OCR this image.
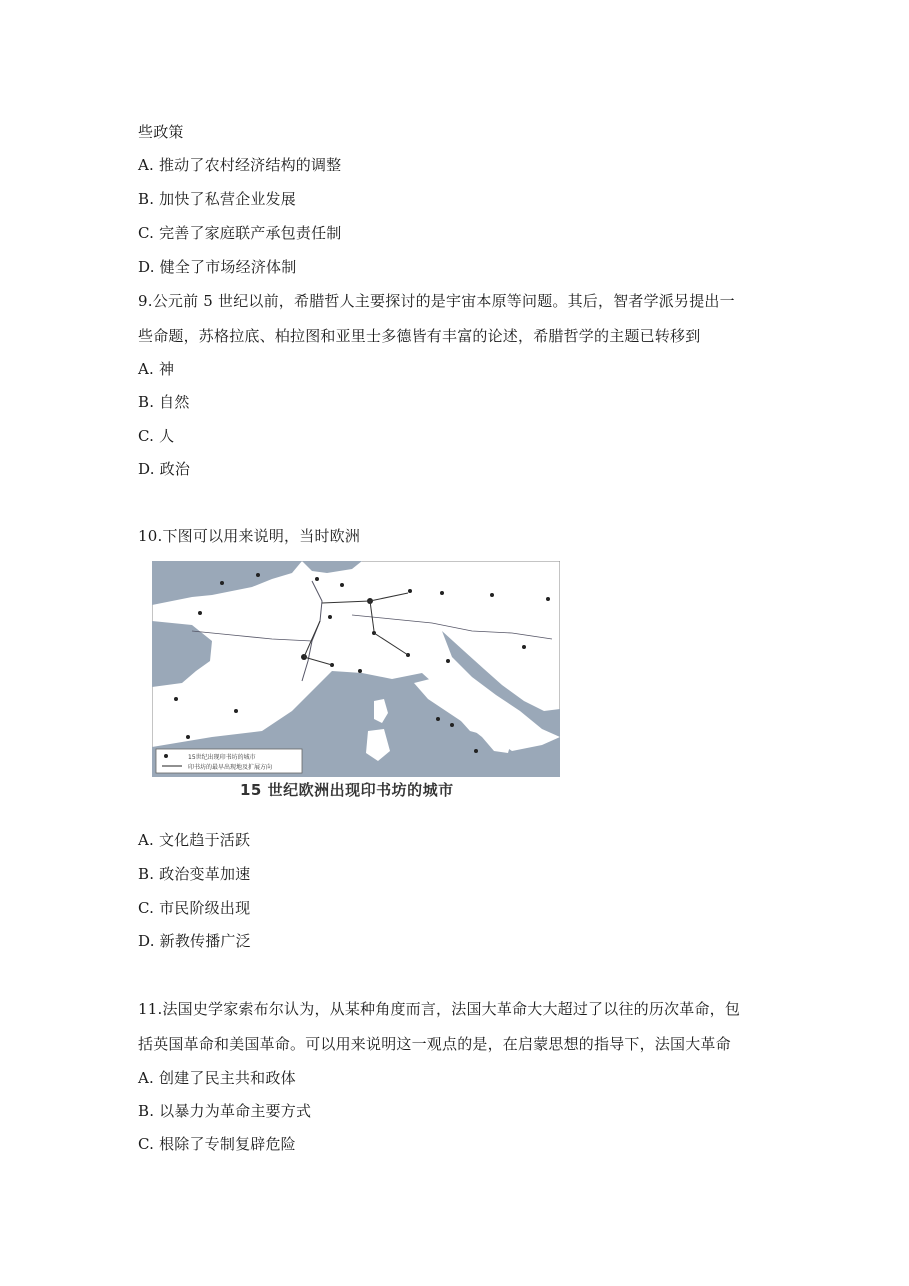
些政策
A. 推动了农村经济结构的调整
B. 加快了私营企业发展
C. 完善了家庭联产承包责任制
D. 健全了市场经济体制
9.公元前 5 世纪以前，希腊哲人主要探讨的是宇宙本原等问题。其后，智者学派另提出一
些命题，苏格拉底、柏拉图和亚里士多德皆有丰富的论述，希腊哲学的主题已转移到
A. 神
B. 自然
C. 人
D. 政治
10.下图可以用来说明，当时欧洲
15世纪出现印书坊的城市
印书坊的最早出现地及扩展方向
15 世纪欧洲出现印书坊的城市
A. 文化趋于活跃
B. 政治变革加速
C. 市民阶级出现
D. 新教传播广泛
11.法国史学家索布尔认为，从某种角度而言，法国大革命大大超过了以往的历次革命，包
括英国革命和美国革命。可以用来说明这一观点的是，在启蒙思想的指导下，法国大革命
A. 创建了民主共和政体
B. 以暴力为革命主要方式
C. 根除了专制复辟危险
